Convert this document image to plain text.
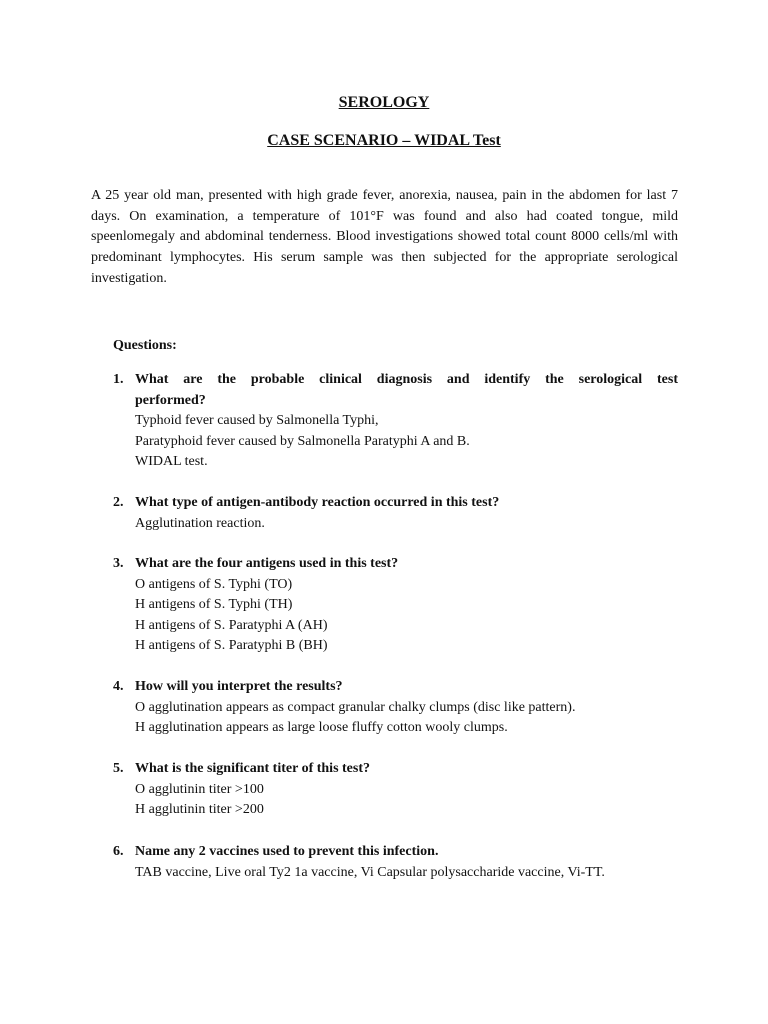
SEROLOGY
CASE SCENARIO – WIDAL Test

A 25 year old man, presented with high grade fever, anorexia, nausea, pain in the abdomen for last 7 days. On examination, a temperature of 101°F was found and also had coated tongue, mild speenlomegaly and abdominal tenderness. Blood investigations showed total count 8000 cells/ml with predominant lymphocytes. His serum sample was then subjected for the appropriate serological investigation.

Questions:
1. What are the probable clinical diagnosis and identify the serological test
performed?
Typhoid fever caused by Salmonella Typhi,
Paratyphoid fever caused by Salmonella Paratyphi A and B.
WIDAL test.
2. What type of antigen-antibody reaction occurred in this test?
Agglutination reaction.
3. What are the four antigens used in this test?
O antigens of S. Typhi (TO)
H antigens of S. Typhi (TH)
H antigens of S. Paratyphi A (AH)
H antigens of S. Paratyphi B (BH)
4. How will you interpret the results?
O agglutination appears as compact granular chalky clumps (disc like pattern).
H agglutination appears as large loose fluffy cotton wooly clumps.
5. What is the significant titer of this test?
O agglutinin titer >100
H agglutinin titer >200
6. Name any 2 vaccines used to prevent this infection.
TAB vaccine, Live oral Ty2 1a vaccine, Vi Capsular polysaccharide vaccine, Vi-TT.
